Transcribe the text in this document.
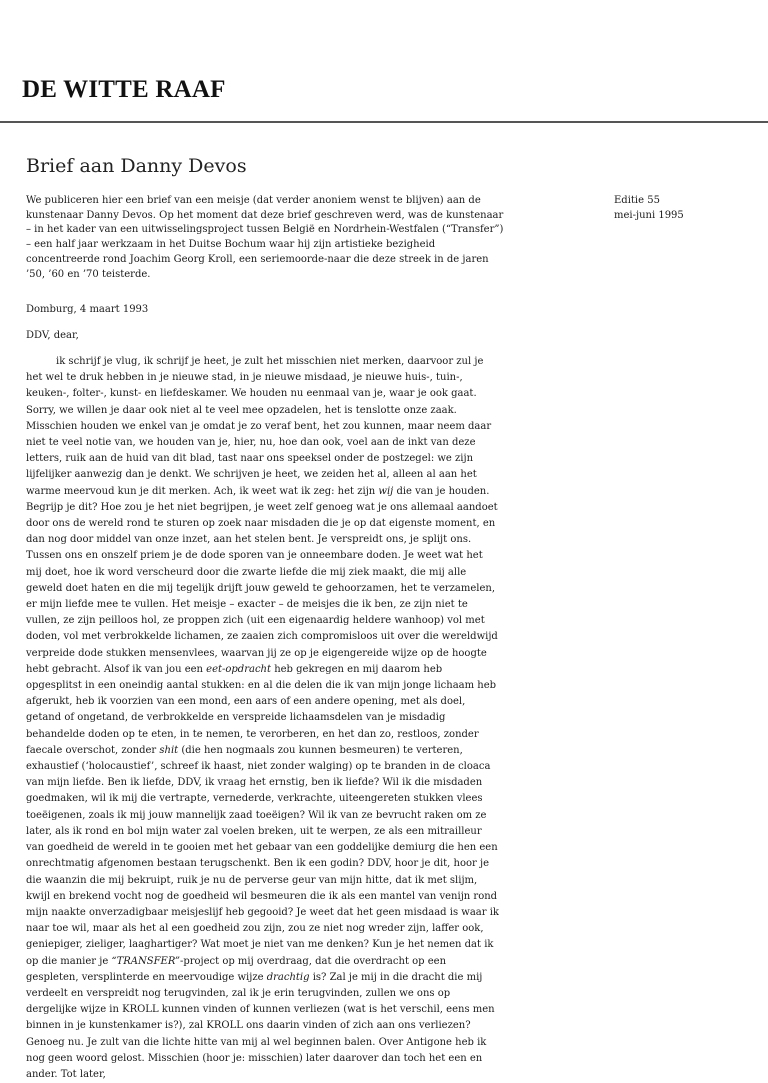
DE WITTE RAAF
Brief aan Danny Devos

We publiceren hier een brief van een meisje (dat verder anoniem wenst te blijven) aan de kunstenaar Danny Devos. Op het moment dat deze brief geschreven werd, was de kunstenaar – in het kader van een uitwisselingsproject tussen België en Nordrhein-Westfalen (“Transfer”) – een half jaar werkzaam in het Duitse Bochum waar hij zijn artistieke bezigheid concentreerde rond Joachim Georg Kroll, een seriemoorde-naar die deze streek in de jaren ’50, ’60 en ’70 teisterde.

Editie 55
mei-juni 1995
Domburg, 4 maart 1993
DDV, dear,

ik schrijf je vlug, ik schrijf je heet, je zult het misschien niet merken, daarvoor zul je het wel te druk hebben in je nieuwe stad, in je nieuwe misdaad, je nieuwe huis-, tuin-, keuken-, folter-, kunst- en liefdeskamer. We houden nu eenmaal van je, waar je ook gaat. Sorry, we willen je daar ook niet al te veel mee opzadelen, het is tenslotte onze zaak. Misschien houden we enkel van je omdat je zo veraf bent, het zou kunnen, maar neem daar niet te veel notie van, we houden van je, hier, nu, hoe dan ook, voel aan de inkt van deze letters, ruik aan de huid van dit blad, tast naar ons speeksel onder de postzegel: we zijn lijfelijker aanwezig dan je denkt. We schrijven je heet, we zeiden het al, alleen al aan het warme meervoud kun je dit merken. Ach, ik weet wat ik zeg: het zijn wij die van je houden. Begrijp je dit? Hoe zou je het niet begrijpen, je weet zelf genoeg wat je ons allemaal aandoet door ons de wereld rond te sturen op zoek naar misdaden die je op dat eigenste moment, en dan nog door middel van onze inzet, aan het stelen bent. Je verspreidt ons, je splijt ons. Tussen ons en onszelf priem je de dode sporen van je onneembare doden. Je weet wat het mij doet, hoe ik word verscheurd door die zwarte liefde die mij ziek maakt, die mij alle geweld doet haten en die mij tegelijk drijft jouw geweld te gehoorzamen, het te verzamelen, er mijn liefde mee te vullen. Het meisje – exacter – de meisjes die ik ben, ze zijn niet te vullen, ze zijn peilloos hol, ze proppen zich (uit een eigenaardig heldere wanhoop) vol met doden, vol met verbrokkelde lichamen, ze zaaien zich compromisloos uit over die wereldwijd verpreide dode stukken mensenvlees, waarvan jij ze op je eigengereide wijze op de hoogte hebt gebracht. Alsof ik van jou een eet-opdracht heb gekregen en mij daarom heb opgesplitst in een oneindig aantal stukken: en al die delen die ik van mijn jonge lichaam heb afgerukt, heb ik voorzien van een mond, een aars of een andere opening, met als doel, getand of ongetand, de verbrokkelde en verspreide lichaamsdelen van je misdadig behandelde doden op te eten, in te nemen, te verorberen, en het dan zo, restloos, zonder faecale overschot, zonder shit (die hen nogmaals zou kunnen besmeuren) te verteren, exhaustief (‘holocaustief’, schreef ik haast, niet zonder walging) op te branden in de cloaca van mijn liefde. Ben ik liefde, DDV, ik vraag het ernstig, ben ik liefde? Wil ik die misdaden goedmaken, wil ik mij die vertrapte, vernederde, verkrachte, uiteengereten stukken vlees toeëigenen, zoals ik mij jouw mannelijk zaad toeëigen? Wil ik van ze bevrucht raken om ze later, als ik rond en bol mijn water zal voelen breken, uit te werpen, ze als een mitrailleur van goedheid de wereld in te gooien met het gebaar van een goddelijke demiurg die hen een onrechtmatig afgenomen bestaan terugschenkt. Ben ik een godin? DDV, hoor je dit, hoor je die waanzin die mij bekruipt, ruik je nu de perverse geur van mijn hitte, dat ik met slijm, kwijl en brekend vocht nog de goedheid wil besmeuren die ik als een mantel van venijn rond mijn naakte onverzadigbaar meisjeslijf heb gegooid? Je weet dat het geen misdaad is waar ik naar toe wil, maar als het al een goedheid zou zijn, zou ze niet nog wreder zijn, laffer ook, geniepiger, zieliger, laaghartiger? Wat moet je niet van me denken? Kun je het nemen dat ik op die manier je “TRANSFER”-project op mij overdraag, dat die overdracht op een gespleten, versplinterde en meervoudige wijze drachtig is? Zal je mij in die dracht die mij verdeelt en verspreidt nog terugvinden, zal ik je erin terugvinden, zullen we ons op dergelijke wijze in KROLL kunnen vinden of kunnen verliezen (wat is het verschil, eens men binnen in je kunstenkamer is?), zal KROLL ons daarin vinden of zich aan ons verliezen? Genoeg nu. Je zult van die lichte hitte van mij al wel beginnen balen. Over Antigone heb ik nog geen woord gelost. Misschien (hoor je: misschien) later daarover dan toch het een en ander. Tot later,
